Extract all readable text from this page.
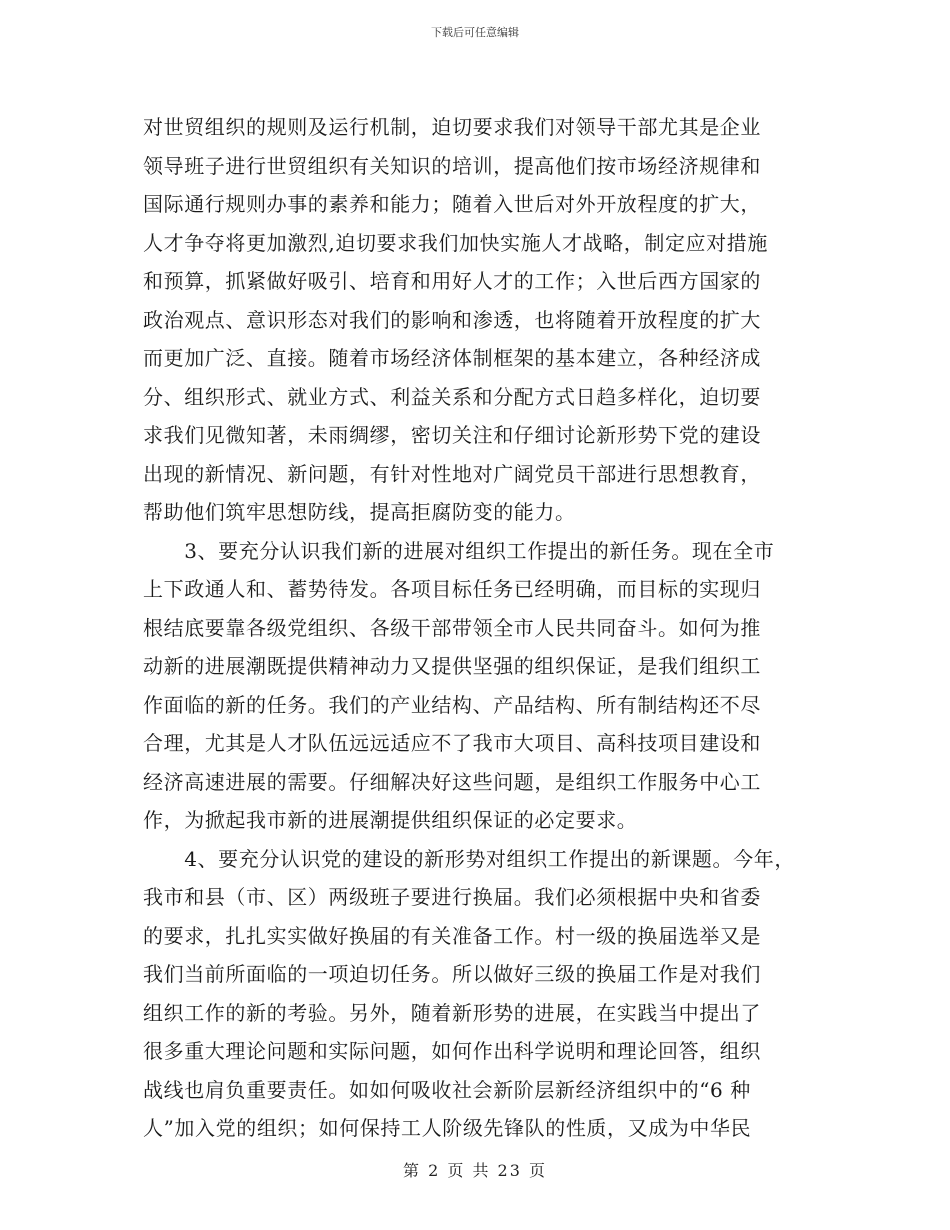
下载后可任意编辑
对世贸组织的规则及运行机制，迫切要求我们对领导干部尤其是企业
领导班子进行世贸组织有关知识的培训，提高他们按市场经济规律和
国际通行规则办事的素养和能力；随着入世后对外开放程度的扩大，
人才争夺将更加激烈,迫切要求我们加快实施人才战略，制定应对措施
和预算，抓紧做好吸引、培育和用好人才的工作；入世后西方国家的
政治观点、意识形态对我们的影响和渗透，也将随着开放程度的扩大
而更加广泛、直接。随着市场经济体制框架的基本建立，各种经济成
分、组织形式、就业方式、利益关系和分配方式日趋多样化，迫切要
求我们见微知著，未雨绸缪，密切关注和仔细讨论新形势下党的建设
出现的新情况、新问题，有针对性地对广阔党员干部进行思想教育，
帮助他们筑牢思想防线，提高拒腐防变的能力。
　　3、要充分认识我们新的进展对组织工作提出的新任务。现在全市
上下政通人和、蓄势待发。各项目标任务已经明确，而目标的实现归
根结底要靠各级党组织、各级干部带领全市人民共同奋斗。如何为推
动新的进展潮既提供精神动力又提供坚强的组织保证，是我们组织工
作面临的新的任务。我们的产业结构、产品结构、所有制结构还不尽
合理，尤其是人才队伍远远适应不了我市大项目、高科技项目建设和
经济高速进展的需要。仔细解决好这些问题，是组织工作服务中心工
作，为掀起我市新的进展潮提供组织保证的必定要求。
　　4、要充分认识党的建设的新形势对组织工作提出的新课题。今年，
我市和县（市、区）两级班子要进行换届。我们必须根据中央和省委
的要求，扎扎实实做好换届的有关准备工作。村一级的换届选举又是
我们当前所面临的一项迫切任务。所以做好三级的换届工作是对我们
组织工作的新的考验。另外，随着新形势的进展，在实践当中提出了
很多重大理论问题和实际问题，如何作出科学说明和理论回答，组织
战线也肩负重要责任。如如何吸收社会新阶层新经济组织中的“6 种
人”加入党的组织；如何保持工人阶级先锋队的性质，又成为中华民
第 2 页 共 23 页
